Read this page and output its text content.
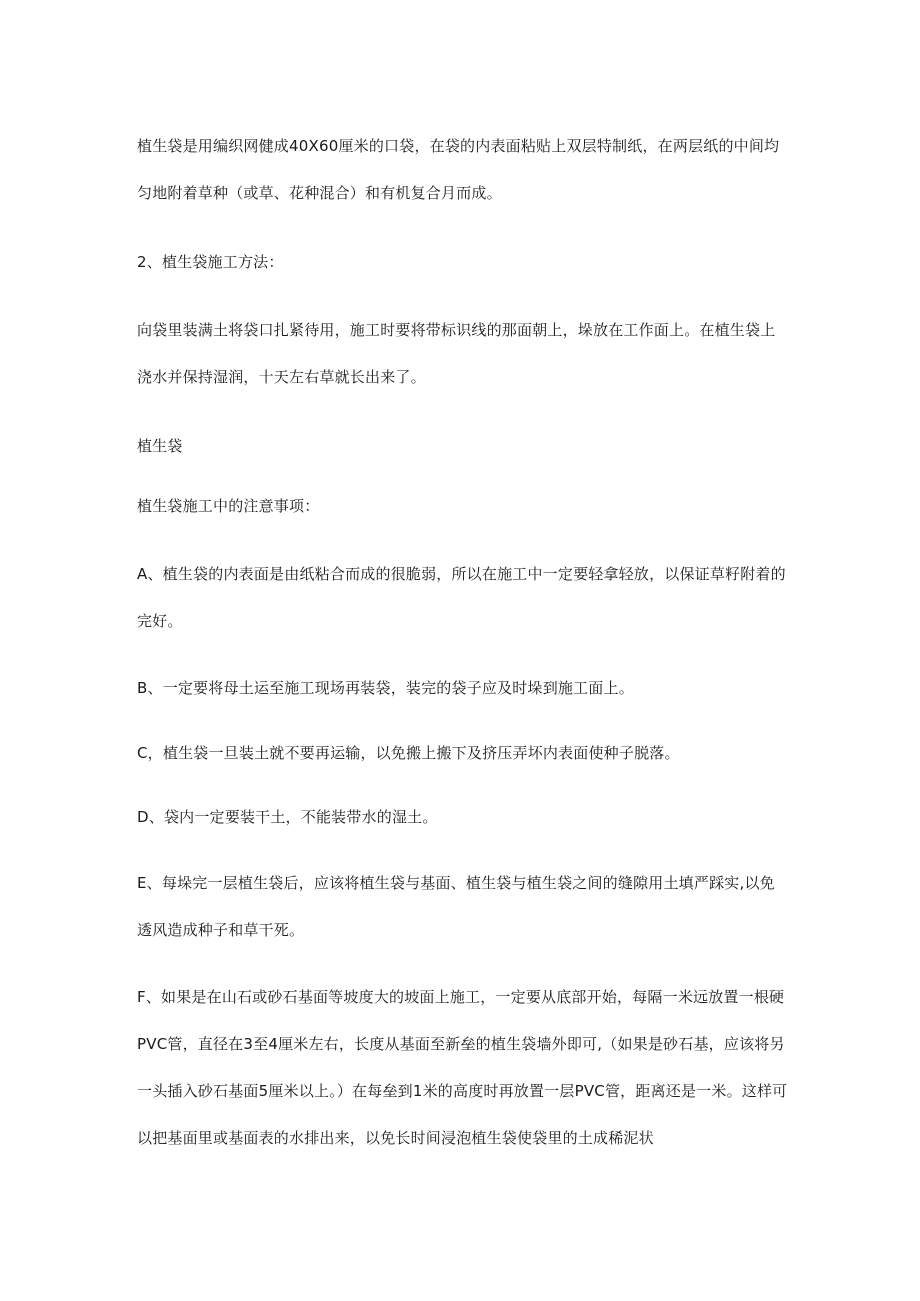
植生袋是用编织网健成40X60厘米的口袋，在袋的内表面粘贴上双层特制纸，在两层纸的中间均匀地附着草种（或草、花种混合）和有机复合月而成。

2、植生袋施工方法：

向袋里装满土将袋口扎紧待用，施工时要将带标识线的那面朝上，垛放在工作面上。在植生袋上浇水并保持湿润，十天左右草就长出来了。

植生袋

植生袋施工中的注意事项：

A、植生袋的内表面是由纸粘合而成的很脆弱，所以在施工中一定要轻拿轻放，以保证草籽附着的完好。

B、一定要将母土运至施工现场再装袋，装完的袋子应及时垛到施工面上。

C，植生袋一旦装土就不要再运输，以免搬上搬下及挤压弄坏内表面使种子脱落。

D、袋内一定要装干土，不能装带水的湿土。

E、每垛完一层植生袋后，应该将植生袋与基面、植生袋与植生袋之间的缝隙用土填严踩实,以免透风造成种子和草干死。

F、如果是在山石或砂石基面等坡度大的坡面上施工，一定要从底部开始，每隔一米远放置一根硬PVC管，直径在3至4厘米左右，长度从基面至新垒的植生袋墙外即可,（如果是砂石基，应该将另一头插入砂石基面5厘米以上。）在每垒到1米的高度时再放置一层PVC管，距离还是一米。这样可以把基面里或基面表的水排出来，以免长时间浸泡植生袋使袋里的土成稀泥状
